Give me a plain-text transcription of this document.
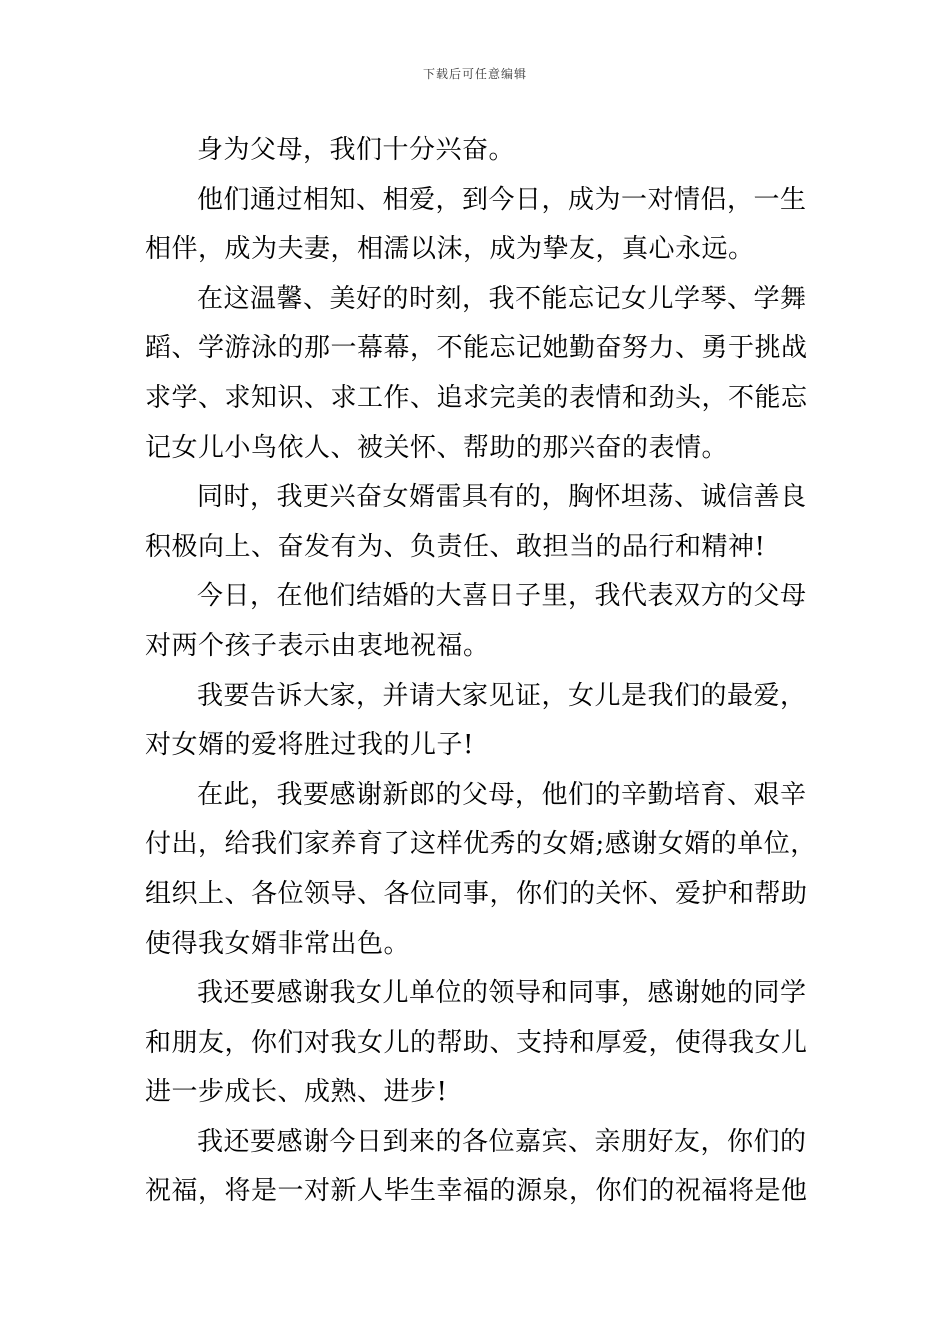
下载后可任意编辑

身为父母，我们十分兴奋。

他们通过相知、相爱，到今日，成为一对情侣，一生
相伴，成为夫妻，相濡以沫，成为挚友，真心永远。

在这温馨、美好的时刻，我不能忘记女儿学琴、学舞
蹈、学游泳的那一幕幕，不能忘记她勤奋努力、勇于挑战
求学、求知识、求工作、追求完美的表情和劲头，不能忘
记女儿小鸟依人、被关怀、帮助的那兴奋的表情。

同时，我更兴奋女婿雷具有的，胸怀坦荡、诚信善良
积极向上、奋发有为、负责任、敢担当的品行和精神!

今日，在他们结婚的大喜日子里，我代表双方的父母
对两个孩子表示由衷地祝福。

我要告诉大家，并请大家见证，女儿是我们的最爱，
对女婿的爱将胜过我的儿子!

在此，我要感谢新郎的父母，他们的辛勤培育、艰辛
付出，给我们家养育了这样优秀的女婿;感谢女婿的单位，
组织上、各位领导、各位同事，你们的关怀、爱护和帮助
使得我女婿非常出色。

我还要感谢我女儿单位的领导和同事，感谢她的同学
和朋友，你们对我女儿的帮助、支持和厚爱，使得我女儿
进一步成长、成熟、进步!

我还要感谢今日到来的各位嘉宾、亲朋好友，你们的
祝福，将是一对新人毕生幸福的源泉，你们的祝福将是他
